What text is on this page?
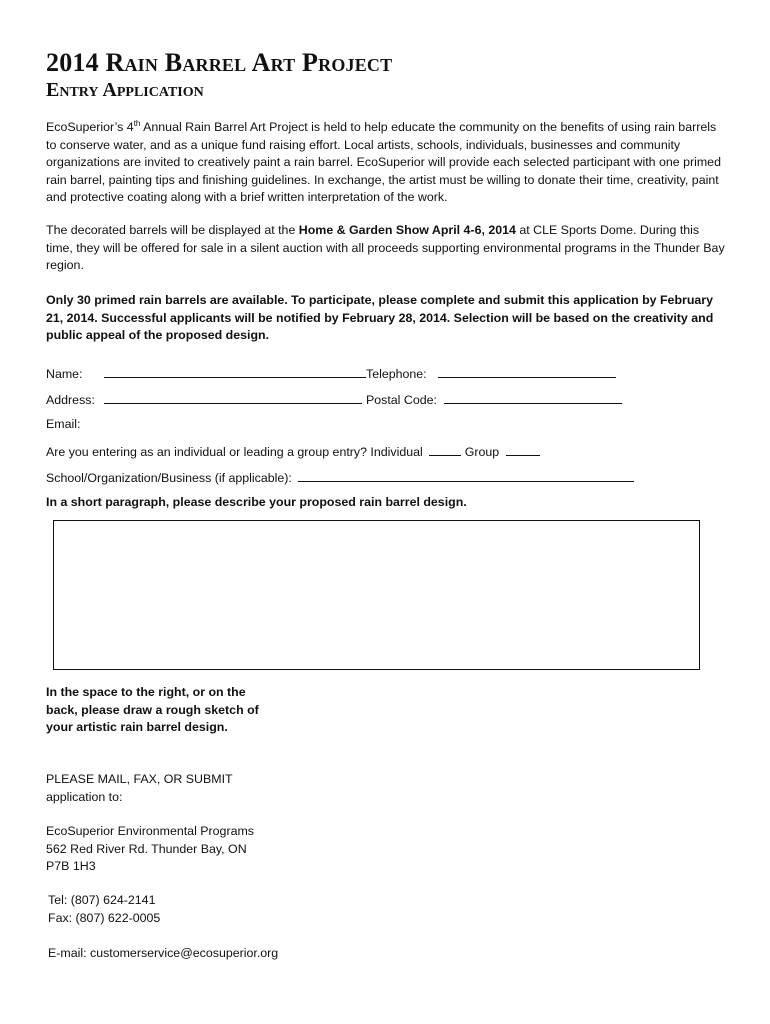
2014 Rain Barrel Art Project
Entry Application

EcoSuperior’s 4th Annual Rain Barrel Art Project is held to help educate the community on the benefits of using rain barrels to conserve water, and as a unique fund raising effort. Local artists, schools, individuals, businesses and community organizations are invited to creatively paint a rain barrel. EcoSuperior will provide each selected participant with one primed rain barrel, painting tips and finishing guidelines. In exchange, the artist must be willing to donate their time, creativity, paint and protective coating along with a brief written interpretation of the work.

The decorated barrels will be displayed at the Home & Garden Show April 4-6, 2014 at CLE Sports Dome. During this time, they will be offered for sale in a silent auction with all proceeds supporting environmental programs in the Thunder Bay region.

Only 30 primed rain barrels are available. To participate, please complete and submit this application by February 21, 2014. Successful applicants will be notified by February 28, 2014. Selection will be based on the creativity and public appeal of the proposed design.

Name:	Telephone:
Address:	Postal Code:
Email:
Are you entering as an individual or leading a group entry? Individual	Group
School/Organization/Business (if applicable):
In a short paragraph, please describe your proposed rain barrel design.

In the space to the right, or on the back, please draw a rough sketch of your artistic rain barrel design.

PLEASE MAIL, FAX, OR SUBMIT
application to:

EcoSuperior Environmental Programs
562 Red River Rd. Thunder Bay, ON
P7B 1H3

Tel: (807) 624-2141
Fax: (807) 622-0005

E-mail: customerservice@ecosuperior.org
